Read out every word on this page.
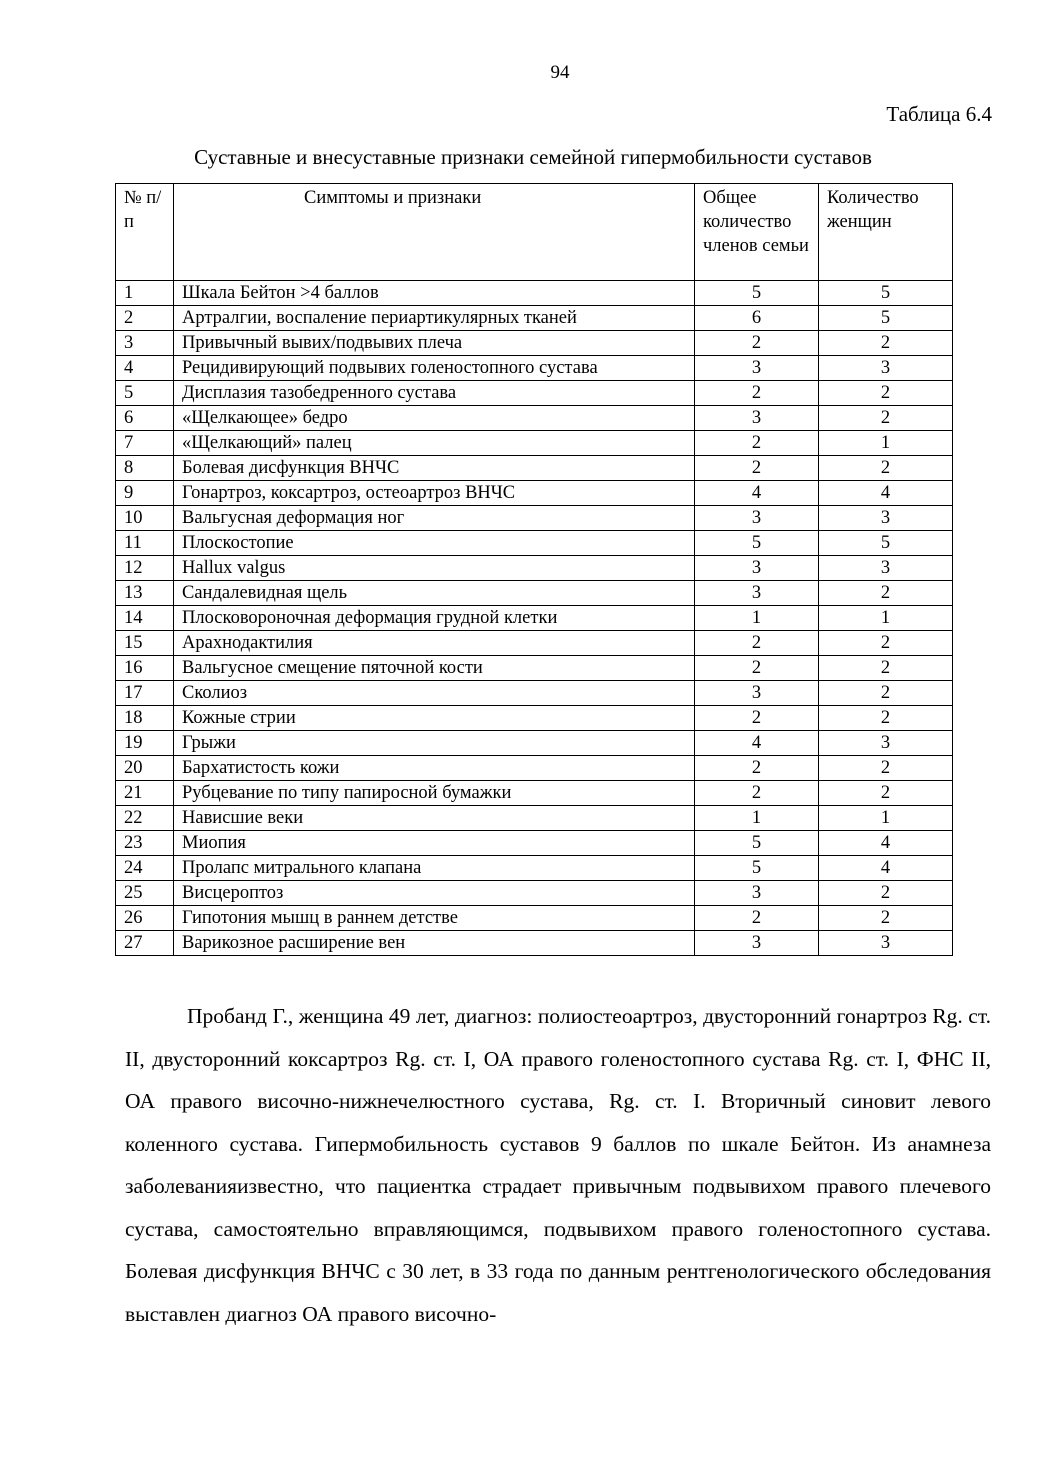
94
Таблица 6.4
Суставные и внесуставные признаки семейной гипермобильности суставов
№ п/п	Симптомы и признаки	Общее количество членов семьи	Количество женщин
1	Шкала Бейтон >4 баллов	5	5
2	Артралгии, воспаление периартикулярных тканей	6	5
3	Привычный вывих/подвывих плеча	2	2
4	Рецидивирующий подвывих голеностопного сустава	3	3
5	Дисплазия тазобедренного сустава	2	2
6	«Щелкающее» бедро	3	2
7	«Щелкающий» палец	2	1
8	Болевая дисфункция ВНЧС	2	2
9	Гонартроз, коксартроз, остеоартроз ВНЧС	4	4
10	Вальгусная деформация ног	3	3
11	Плоскостопие	5	5
12	Hallux valgus	3	3
13	Сандалевидная щель	3	2
14	Плосковороночная деформация грудной клетки	1	1
15	Арахнодактилия	2	2
16	Вальгусное смещение пяточной кости	2	2
17	Сколиоз	3	2
18	Кожные стрии	2	2
19	Грыжи	4	3
20	Бархатистость кожи	2	2
21	Рубцевание по типу папиросной бумажки	2	2
22	Нависшие веки	1	1
23	Миопия	5	4
24	Пролапс митрального клапана	5	4
25	Висцероптоз	3	2
26	Гипотония мышц в раннем детстве	2	2
27	Варикозное расширение вен	3	3

Пробанд Г., женщина 49 лет, диагноз: полиостеоартроз, двусторонний гонартроз Rg. ст. II, двусторонний коксартроз Rg. ст. I, ОА правого голеностопного сустава Rg. ст. I, ФНС II, ОА правого височно-нижнечелюстного сустава, Rg. ст. I. Вторичный синовит левого коленного сустава. Гипермобильность суставов 9 баллов по шкале Бейтон. Из анамнеза заболеванияизвестно, что пациентка страдает привычным подвывихом правого плечевого сустава, самостоятельно вправляющимся, подвывихом правого голеностопного сустава. Болевая дисфункция ВНЧС с 30 лет, в 33 года по данным рентгенологического обследования выставлен диагноз ОА правого височно-
